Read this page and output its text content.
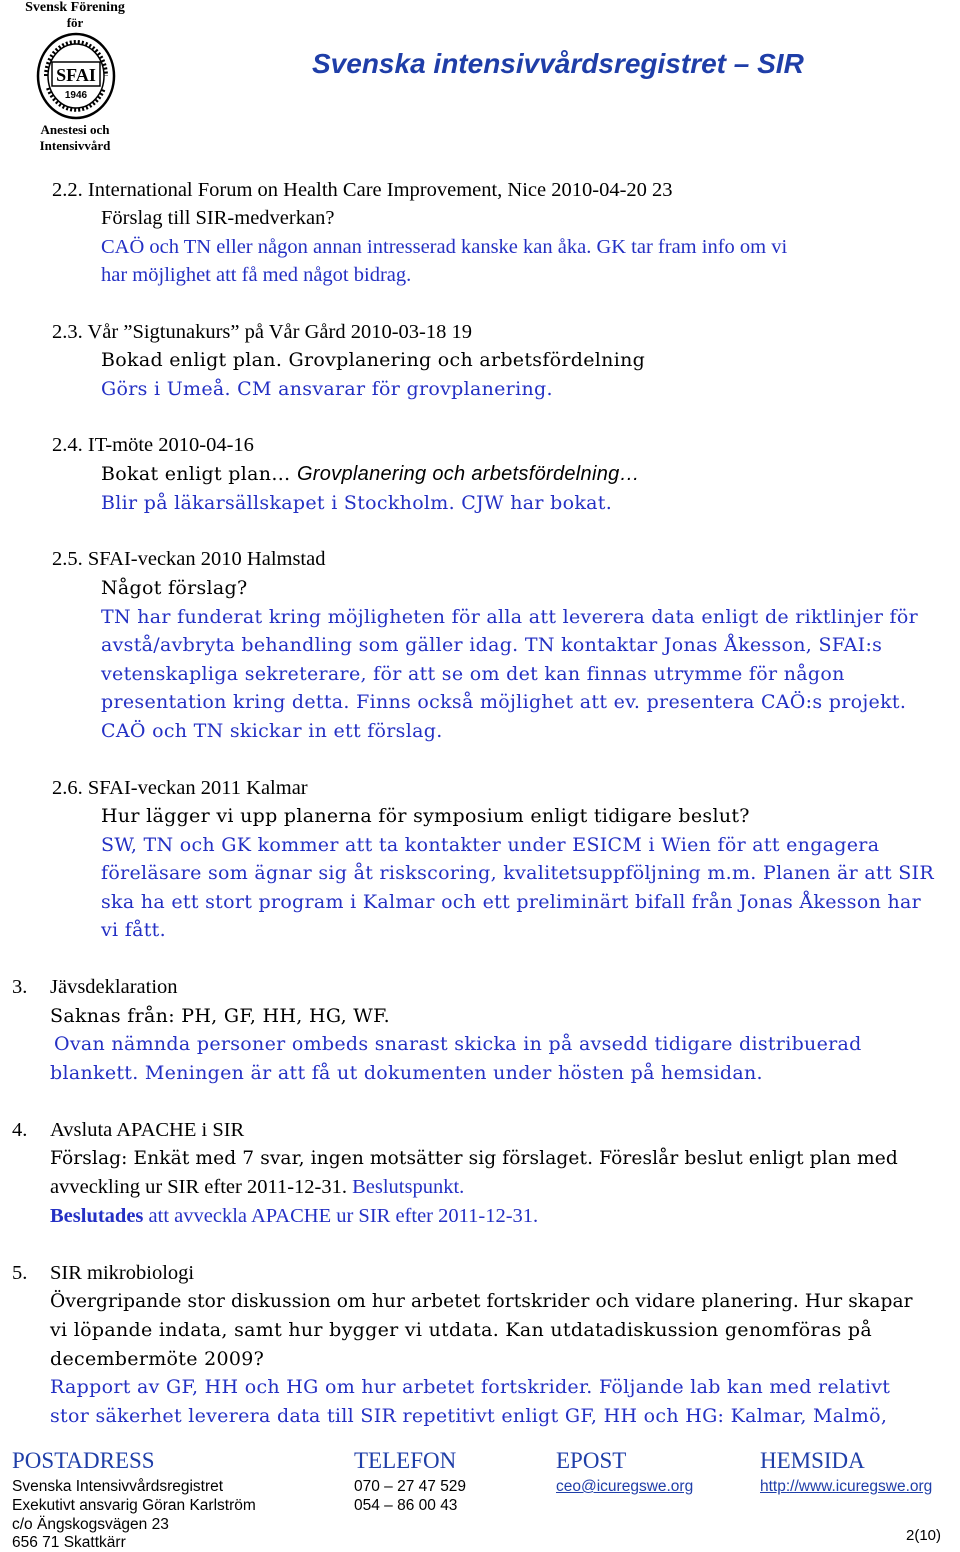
Svensk Förening
för
SFAI
1946
Anestesi och Intensivvård
Svenska intensivvårdsregistret – SIR
2.2. International Forum on Health Care Improvement, Nice 2010-04-20 23
Förslag till SIR-medverkan?
CAÖ och TN eller någon annan intresserad kanske kan åka. GK tar fram info om vi
har möjlighet att få med något bidrag.
2.3. Vår ”Sigtunakurs” på Vår Gård 2010-03-18 19
Bokad enligt plan. Grovplanering och arbetsfördelning
Görs i Umeå. CM ansvarar för grovplanering.
2.4. IT-möte 2010-04-16
Bokat enligt plan… Grovplanering och arbetsfördelning…
Blir på läkarsällskapet i Stockholm. CJW har bokat.
2.5. SFAI-veckan 2010 Halmstad
Något förslag?
TN har funderat kring möjligheten för alla att leverera data enligt de riktlinjer för
avstå/avbryta behandling som gäller idag. TN kontaktar Jonas Åkesson, SFAI:s
vetenskapliga sekreterare, för att se om det kan finnas utrymme för någon
presentation kring detta. Finns också möjlighet att ev. presentera CAÖ:s projekt.
CAÖ och TN skickar in ett förslag.
2.6. SFAI-veckan 2011 Kalmar
Hur lägger vi upp planerna för symposium enligt tidigare beslut?
SW, TN och GK kommer att ta kontakter under ESICM i Wien för att engagera
föreläsare som ägnar sig åt riskscoring, kvalitetsuppföljning m.m. Planen är att SIR
ska ha ett stort program i Kalmar och ett preliminärt bifall från Jonas Åkesson har
vi fått.
3. Jävsdeklaration
Saknas från: PH, GF, HH, HG, WF.
Ovan nämnda personer ombeds snarast skicka in på avsedd tidigare distribuerad
blankett. Meningen är att få ut dokumenten under hösten på hemsidan.
4. Avsluta APACHE i SIR
Förslag: Enkät med 7 svar, ingen motsätter sig förslaget. Föreslår beslut enligt plan med
avveckling ur SIR efter 2011-12-31. Beslutspunkt.
Beslutades att avveckla APACHE ur SIR efter 2011-12-31.
5. SIR mikrobiologi
Övergripande stor diskussion om hur arbetet fortskrider och vidare planering. Hur skapar
vi löpande indata, samt hur bygger vi utdata. Kan utdatadiskussion genomföras på
decembermöte 2009?
Rapport av GF, HH och HG om hur arbetet fortskrider. Följande lab kan med relativt
stor säkerhet leverera data till SIR repetitivt enligt GF, HH och HG: Kalmar, Malmö,
POSTADRESS
Svenska Intensivvårdsregistret
Exekutivt ansvarig Göran Karlström
c/o Ängskogsvägen 23
656 71 Skattkärr
TELEFON
070 – 27 47 529
054 – 86 00 43
EPOST
ceo@icuregswe.org
HEMSIDA
http://www.icuregswe.org
2(10)
